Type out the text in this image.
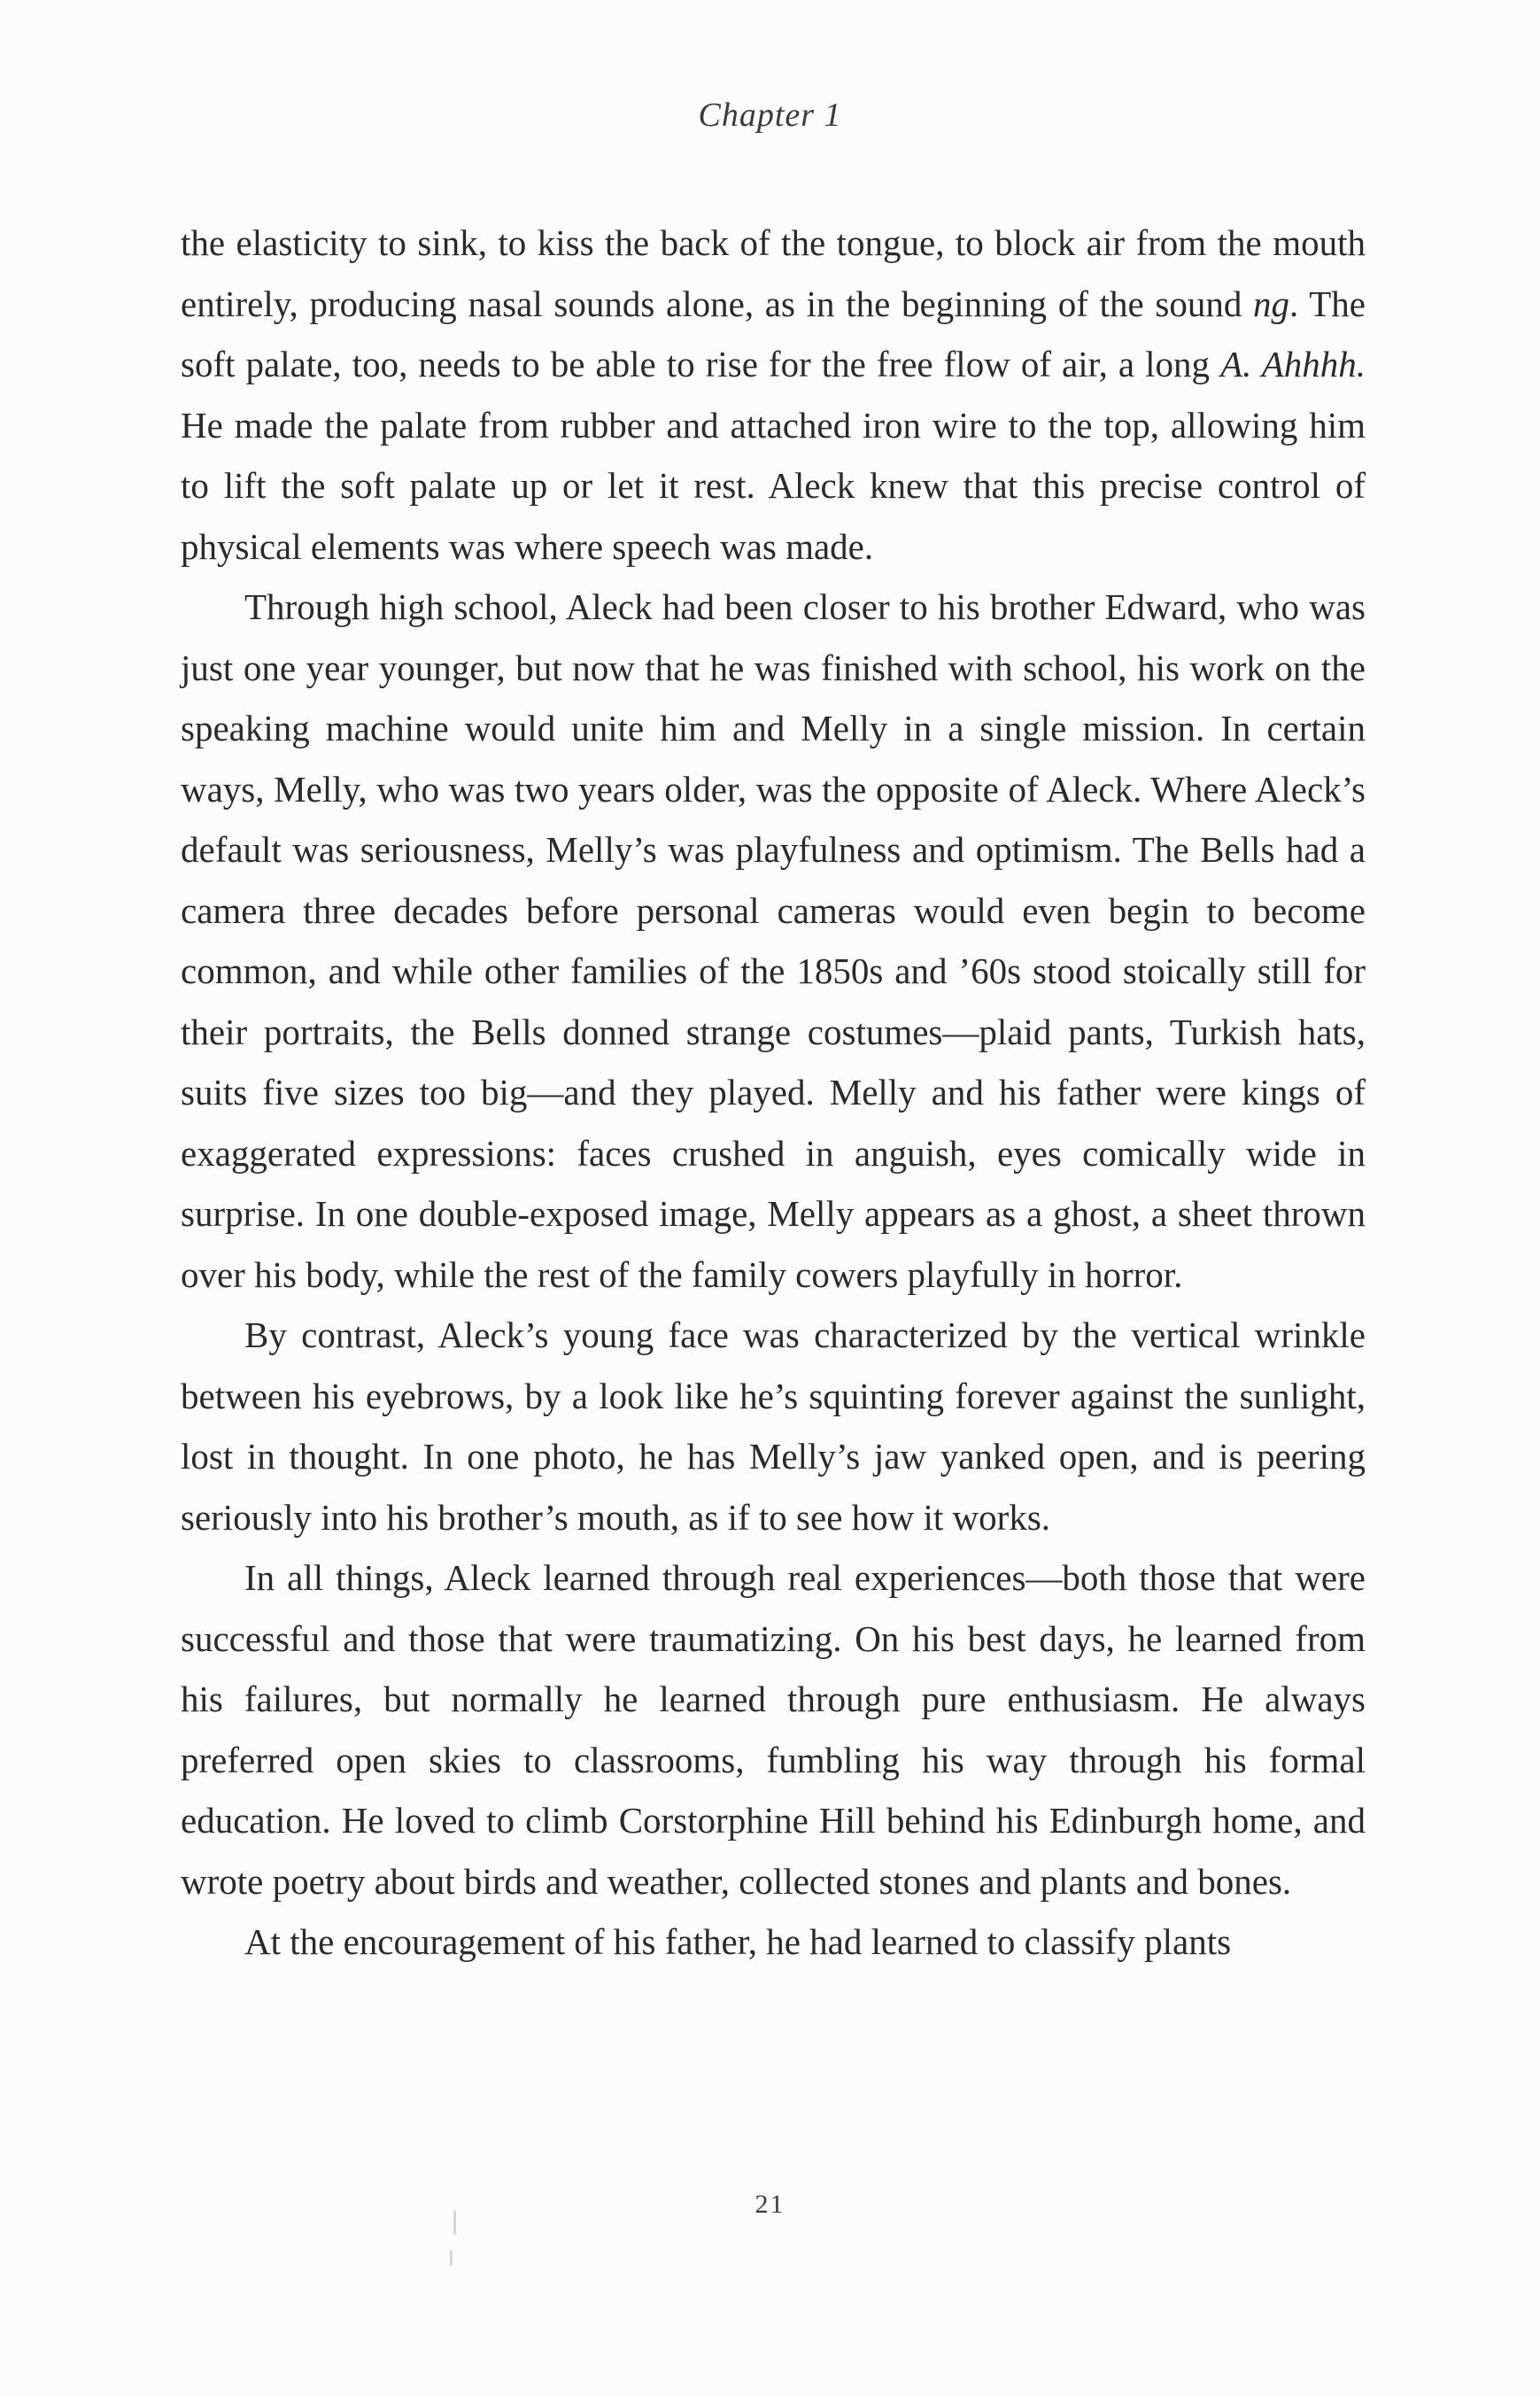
Chapter 1

the elasticity to sink, to kiss the back of the tongue, to block air from the mouth entirely, producing nasal sounds alone, as in the beginning of the sound ng. The soft palate, too, needs to be able to rise for the free flow of air, a long A. Ahhhh. He made the palate from rubber and attached iron wire to the top, allowing him to lift the soft palate up or let it rest. Aleck knew that this precise control of physical elements was where speech was made.

Through high school, Aleck had been closer to his brother Edward, who was just one year younger, but now that he was finished with school, his work on the speaking machine would unite him and Melly in a single mission. In certain ways, Melly, who was two years older, was the opposite of Aleck. Where Aleck’s default was seriousness, Melly’s was playfulness and optimism. The Bells had a camera three decades before personal cameras would even begin to become common, and while other families of the 1850s and ’60s stood stoically still for their portraits, the Bells donned strange costumes—plaid pants, Turkish hats, suits five sizes too big—and they played. Melly and his father were kings of exaggerated expressions: faces crushed in anguish, eyes comically wide in surprise. In one double-exposed image, Melly appears as a ghost, a sheet thrown over his body, while the rest of the family cowers playfully in horror.

By contrast, Aleck’s young face was characterized by the vertical wrinkle between his eyebrows, by a look like he’s squinting forever against the sunlight, lost in thought. In one photo, he has Melly’s jaw yanked open, and is peering seriously into his brother’s mouth, as if to see how it works.

In all things, Aleck learned through real experiences—both those that were successful and those that were traumatizing. On his best days, he learned from his failures, but normally he learned through pure enthusiasm. He always preferred open skies to classrooms, fumbling his way through his formal education. He loved to climb Corstorphine Hill behind his Edinburgh home, and wrote poetry about birds and weather, collected stones and plants and bones.

At the encouragement of his father, he had learned to classify plants

21
